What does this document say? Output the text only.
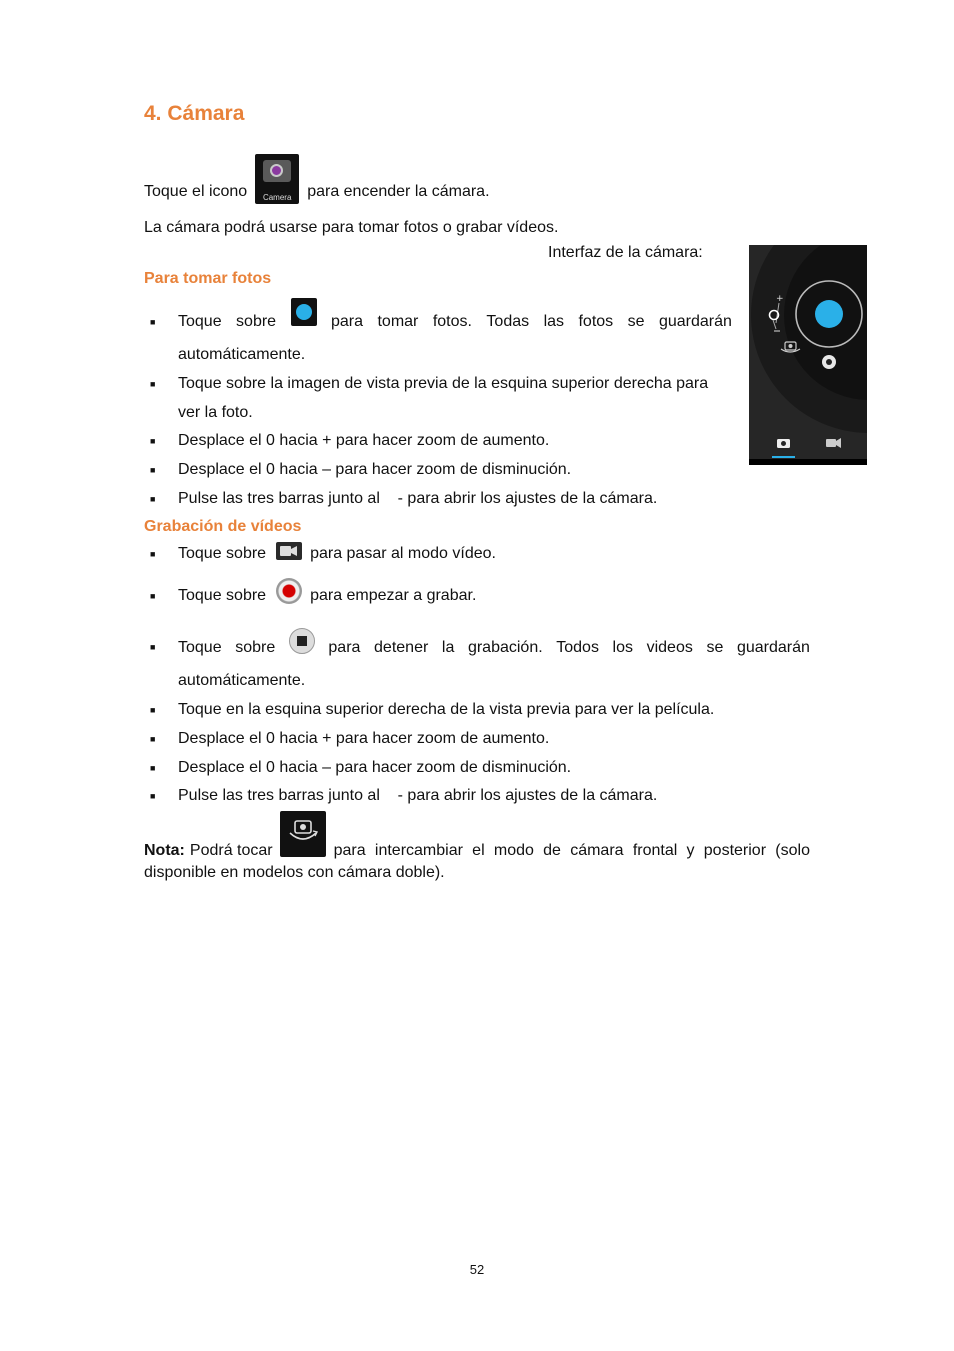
4. Cámara
Toque el icono	Camera para encender la cámara.
La cámara podrá usarse para tomar fotos o grabar vídeos.
Interfaz de la cámara:
+
Para tomar fotos
■ Toque sobre	para tomar fotos. Todas las fotos se guardarán
automáticamente.
■ Toque sobre la imagen de vista previa de la esquina superior derecha para
ver la foto.
■ Desplace el 0 hacia + para hacer zoom de aumento.
■ Desplace el 0 hacia – para hacer zoom de disminución.
■ Pulse las tres barras junto al    - para abrir los ajustes de la cámara.
Grabación de vídeos
■ Toque sobre	para pasar al modo vídeo.
■ Toque sobre	para empezar a grabar.
■ Toque sobre	para detener la grabación. Todos los videos se guardarán
automáticamente.
■ Toque en la esquina superior derecha de la vista previa para ver la película.
■ Desplace el 0 hacia + para hacer zoom de aumento.
■ Desplace el 0 hacia – para hacer zoom de disminución.
■ Pulse las tres barras junto al    - para abrir los ajustes de la cámara.
Nota: Podrá tocar	para intercambiar el modo de cámara frontal y posterior (solo
disponible en modelos con cámara doble).
52
